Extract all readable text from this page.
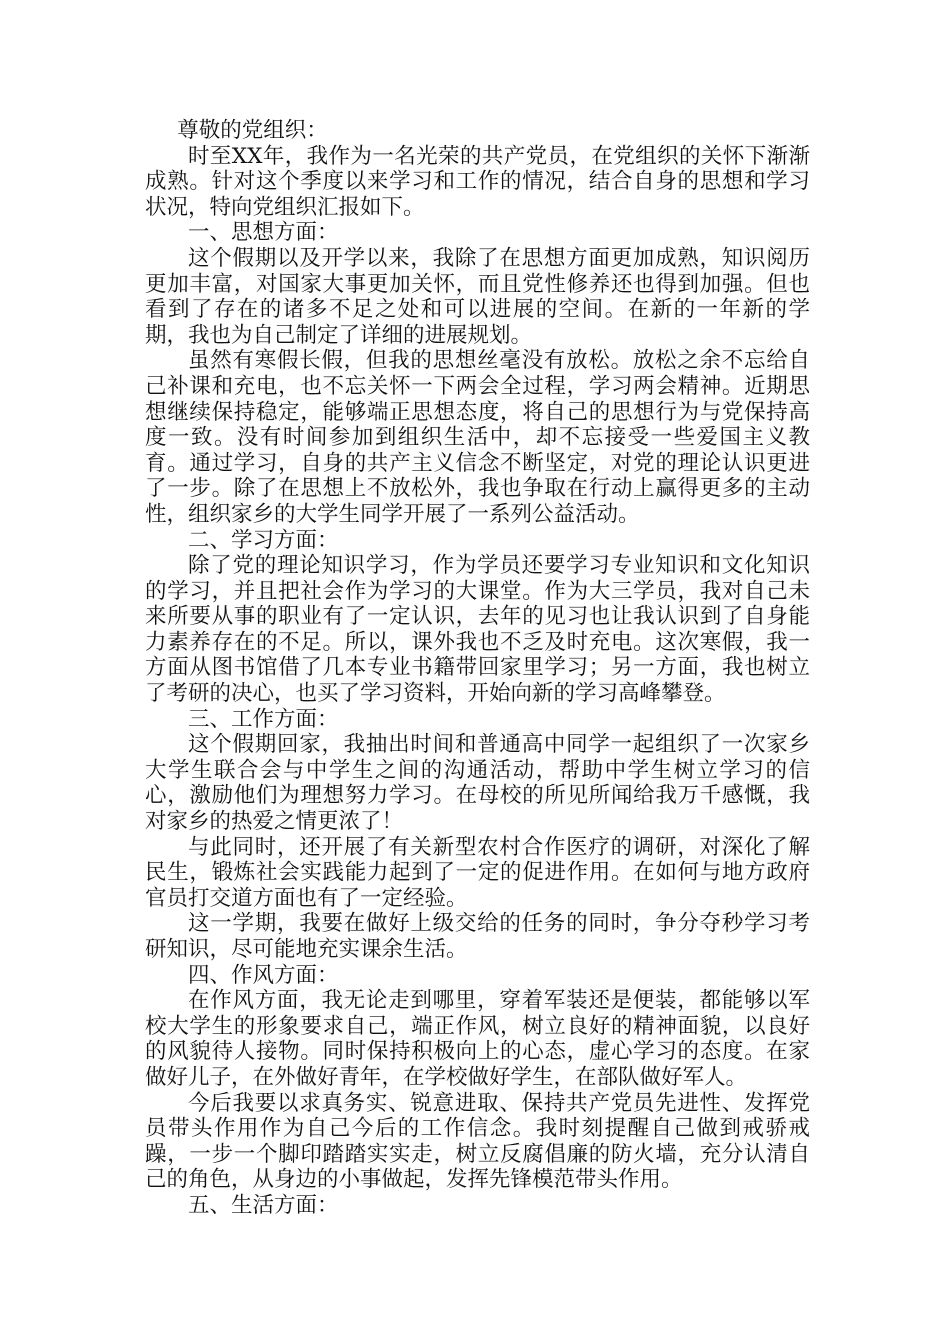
尊敬的党组织：

时至XX年，我作为一名光荣的共产党员，在党组织的关怀下渐渐成熟。针对这个季度以来学习和工作的情况，结合自身的思想和学习状况，特向党组织汇报如下。

一、思想方面：

这个假期以及开学以来，我除了在思想方面更加成熟，知识阅历更加丰富，对国家大事更加关怀，而且党性修养还也得到加强。但也看到了存在的诸多不足之处和可以进展的空间。在新的一年新的学期，我也为自己制定了详细的进展规划。

虽然有寒假长假，但我的思想丝毫没有放松。放松之余不忘给自己补课和充电，也不忘关怀一下两会全过程，学习两会精神。近期思想继续保持稳定，能够端正思想态度，将自己的思想行为与党保持高度一致。没有时间参加到组织生活中，却不忘接受一些爱国主义教育。通过学习，自身的共产主义信念不断坚定，对党的理论认识更进了一步。除了在思想上不放松外，我也争取在行动上赢得更多的主动性，组织家乡的大学生同学开展了一系列公益活动。

二、学习方面：

除了党的理论知识学习，作为学员还要学习专业知识和文化知识的学习，并且把社会作为学习的大课堂。作为大三学员，我对自己未来所要从事的职业有了一定认识，去年的见习也让我认识到了自身能力素养存在的不足。所以，课外我也不乏及时充电。这次寒假，我一方面从图书馆借了几本专业书籍带回家里学习；另一方面，我也树立了考研的决心，也买了学习资料，开始向新的学习高峰攀登。

三、工作方面：

这个假期回家，我抽出时间和普通高中同学一起组织了一次家乡大学生联合会与中学生之间的沟通活动，帮助中学生树立学习的信心，激励他们为理想努力学习。在母校的所见所闻给我万千感慨，我对家乡的热爱之情更浓了！

与此同时，还开展了有关新型农村合作医疗的调研，对深化了解民生，锻炼社会实践能力起到了一定的促进作用。在如何与地方政府官员打交道方面也有了一定经验。

这一学期，我要在做好上级交给的任务的同时，争分夺秒学习考研知识，尽可能地充实课余生活。

四、作风方面：

在作风方面，我无论走到哪里，穿着军装还是便装，都能够以军校大学生的形象要求自己，端正作风，树立良好的精神面貌，以良好的风貌待人接物。同时保持积极向上的心态，虚心学习的态度。在家做好儿子，在外做好青年，在学校做好学生，在部队做好军人。

今后我要以求真务实、锐意进取、保持共产党员先进性、发挥党员带头作用作为自己今后的工作信念。我时刻提醒自己做到戒骄戒躁，一步一个脚印踏踏实实走，树立反腐倡廉的防火墙，充分认清自己的角色，从身边的小事做起，发挥先锋模范带头作用。

五、生活方面：
